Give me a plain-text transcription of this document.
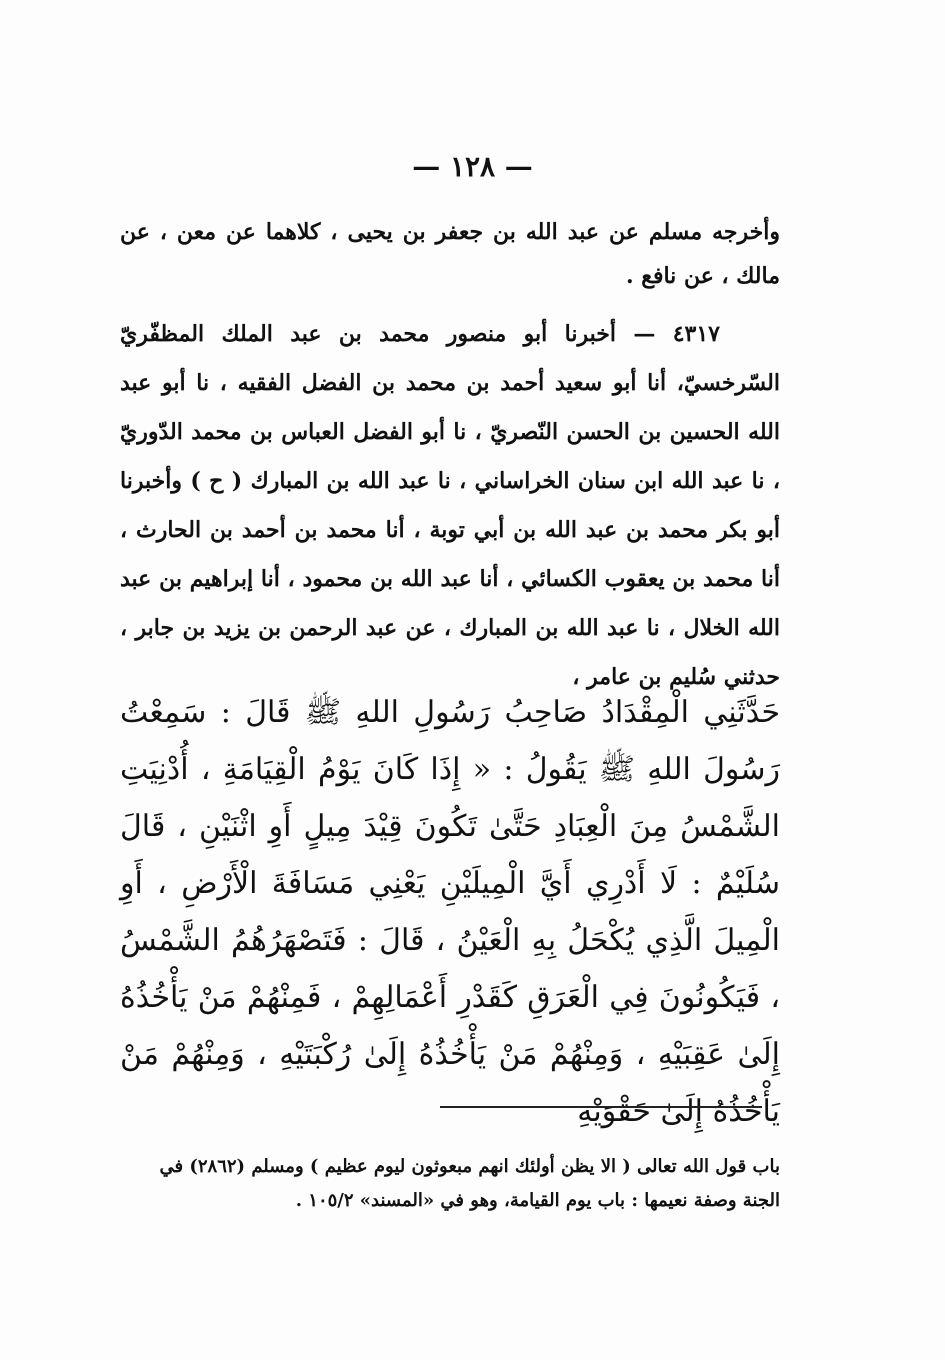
— ١٢٨ —

وأخرجه مسلم عن عبد الله بن جعفر بن يحيى ، كلاهما عن معن ، عن مالك ، عن نافع .

٤٣١٧ — أخبرنا أبو منصور محمد بن عبد الملك المظفّريّ السّرخسيّ، أنا أبو سعيد أحمد بن محمد بن الفضل الفقيه ، نا أبو عبد الله الحسين بن الحسن النّصريّ ، نا أبو الفضل العباس بن محمد الدّوريّ ، نا عبد الله ابن سنان الخراساني ، نا عبد الله بن المبارك ( ح ) وأخبرنا أبو بكر محمد بن عبد الله بن أبي توبة ، أنا محمد بن أحمد بن الحارث ، أنا محمد بن يعقوب الكسائي ، أنا عبد الله بن محمود ، أنا إبراهيم بن عبد الله الخلال ، نا عبد الله بن المبارك ، عن عبد الرحمن بن يزيد بن جابر ، حدثني سُليم بن عامر ،

حَدَّثَنِي الْمِقْدَادُ صَاحِبُ رَسُولِ اللهِ ﷺ قَالَ : سَمِعْتُ رَسُولَ اللهِ ﷺ يَقُولُ : « إِذَا كَانَ يَوْمُ الْقِيَامَةِ ، أُدْنِيَتِ الشَّمْسُ مِنَ الْعِبَادِ حَتَّىٰ تَكُونَ قِيْدَ مِيلٍ أَوِ اثْنَيْنِ ، قَالَ سُلَيْمٌ : لَا أَدْرِي أَيَّ الْمِيلَيْنِ يَعْنِي مَسَافَةَ الْأَرْضِ ، أَوِ الْمِيلَ الَّذِي يُكْحَلُ بِهِ الْعَيْنُ ، قَالَ : فَتَصْهَرُهُمُ الشَّمْسُ ، فَيَكُونُونَ فِي الْعَرَقِ كَقَدْرِ أَعْمَالِهِمْ ، فَمِنْهُمْ مَنْ يَأْخُذُهُ إِلَىٰ عَقِبَيْهِ ، وَمِنْهُمْ مَنْ يَأْخُذُهُ إِلَىٰ رُكْبَتَيْهِ ، وَمِنْهُمْ مَنْ يَأْخُذُهُ إِلَىٰ حَقْوَيْهِ

باب قول الله تعالى ( الا يظن أولئك انهم مبعوثون ليوم عظيم ) ومسلم (٢٨٦٢) في الجنة وصفة نعيمها : باب يوم القيامة، وهو في «المسند» ١٠٥/٢ .
